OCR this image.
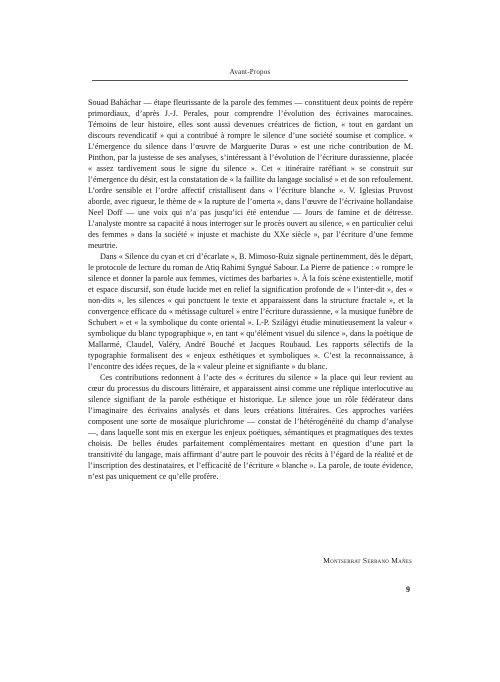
Avant-Propos

Souad Baháchar — étape fleurissante de la parole des femmes — constituent deux points de repère primordiaux, d’après J.-J. Perales, pour comprendre l’évolution des écrivaines marocaines. Témoins de leur histoire, elles sont aussi devenues créatrices de fiction, « tout en gardant un discours revendicatif » qui a contribué à rompre le silence d’une société soumise et complice. « L’émergence du silence dans l’œuvre de Marguerite Duras » est une riche contribution de M. Pinthon, par la justesse de ses analyses, s’intéressant à l’évolution de l’écriture durassienne, placée « assez tardivement sous le signe du silence ». Cet « itinéraire raréfiant » se construit sur l’émergence du désir, est la constatation de « la faillite du langage socialisé » et de son refoulement. L’ordre sensible et l’ordre affectif cristallisent dans « l’écriture blanche ». V. Iglesias Pruvost aborde, avec rigueur, le thème de « la rupture de l’omerta », dans l’œuvre de l’écrivaine hollandaise Neel Doff — une voix qui n’a pas jusqu’ici été entendue — Jours de famine et de détresse. L’analyste montre sa capacité à nous interroger sur le procès ouvert au silence, « en particulier celui des femmes » dans la société « injuste et machiste du XXe siècle », par l’écriture d’une femme meurtrie.

Dans « Silence du cyan et cri d’écarlate », B. Mimoso-Ruiz signale pertinemment, dès le départ, le protocole de lecture du roman de Atiq Rahimi Syngué Sabour. La Pierre de patience : « rompre le silence et donner la parole aux femmes, victimes des barbaries ». À la fois scène existentielle, motif et espace discursif, son étude lucide met en relief la signification profonde de « l’inter-dit », des « non-dits », les silences « qui ponctuent le texte et apparaissent dans la structure fractale », et la convergence efficace du « métissage culturel » entre l’écriture durassienne, « la musique funèbre de Schubert » et « la symbolique du conte oriental ». I.-P. Szilágyi étudie minutieusement la valeur « symbolique du blanc typographique », en tant « qu’élément visuel du silence », dans la poétique de Mallarmé, Claudel, Valéry, André Bouché et Jacques Roubaud. Les rapports sélectifs de la typographie formalisent des « enjeux esthétiques et symboliques ». C’est la reconnaissance, à l’encontre des idées reçues, de la « valeur pleine et signifiante » du blanc.

Ces contributions redonnent à l’acte des « écritures du silence » la place qui leur revient au cœur du processus du discours littéraire, et apparaissent ainsi comme une réplique interlocutive au silence signifiant de la parole esthétique et historique. Le silence joue un rôle fédérateur dans l’imaginaire des écrivains analysés et dans leurs créations littéraires. Ces approches variées composent une sorte de mosaïque plurichrome — constat de l’hétérogénéité du champ d’analyse —, dans laquelle sont mis en exergue les enjeux poétiques, sémantiques et pragmatiques des textes choisis. De belles études parfaitement complémentaires mettant en question d’une part la transitivité du langage, mais affirmant d’autre part le pouvoir des récits à l’égard de la réalité et de l’inscription des destinataires, et l’efficacité de l’écriture « blanche ». La parole, de toute évidence, n’est pas uniquement ce qu’elle profère.

Montserrat Serrano Mañes
9
